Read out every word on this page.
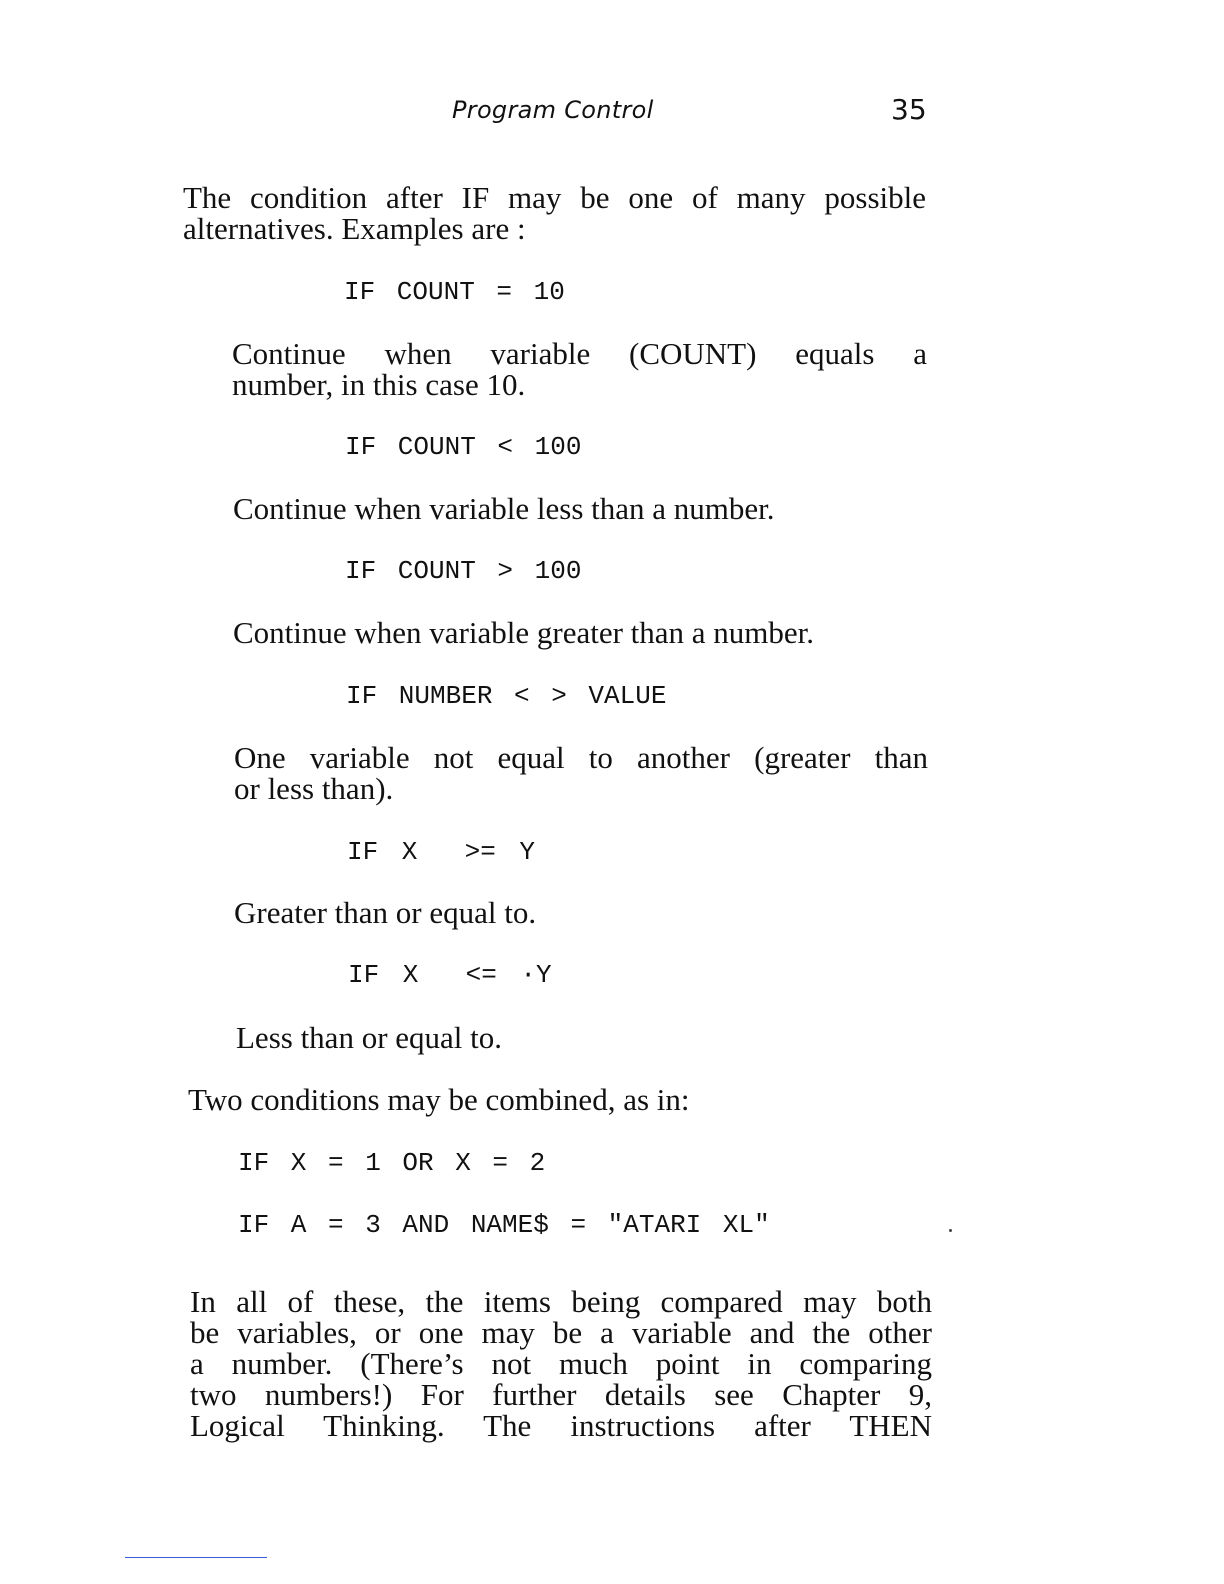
Program Control	35

The condition after IF may be one of many possible
alternatives. Examples are :

IF COUNT = 10

Continue when variable (COUNT) equals a
number, in this case 10.

IF COUNT < 100

Continue when variable less than a number.

IF COUNT > 100

Continue when variable greater than a number.

IF NUMBER < > VALUE

One variable not equal to another (greater than
or less than).

IF X  >= Y

Greater than or equal to.

IF X  <= ·Y

Less than or equal to.

Two conditions may be combined, as in:

IF X = 1 OR X = 2
IF A = 3 AND NAME$ = "ATARI XL"

In all of these, the items being compared may both
be variables, or one may be a variable and the other
a number. (There’s not much point in comparing
two numbers!) For further details see Chapter 9,
Logical Thinking. The instructions after THEN
